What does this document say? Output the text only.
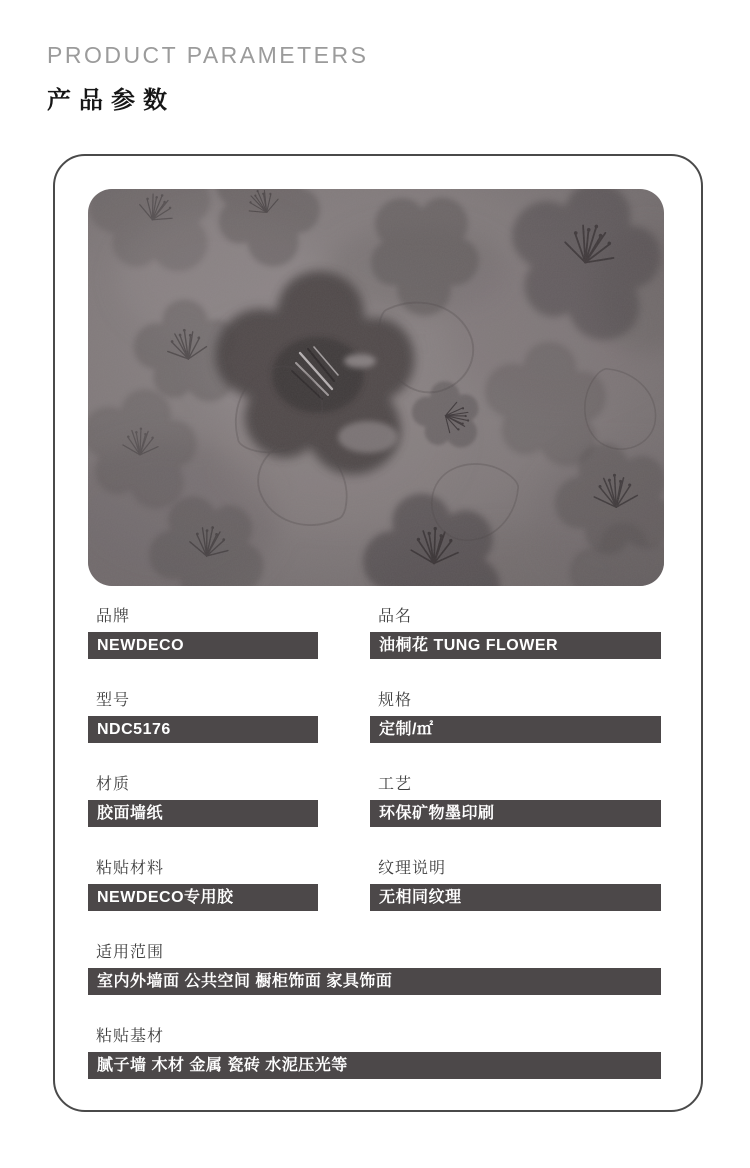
PRODUCT PARAMETERS
产品参数
品牌
NEWDECO
品名
油桐花 TUNG FLOWER
型号
NDC5176
规格
定制/㎡
材质
胶面墙纸
工艺
环保矿物墨印刷
粘贴材料
NEWDECO专用胶
纹理说明
无相同纹理
适用范围
室内外墙面 公共空间 橱柜饰面 家具饰面
粘贴基材
腻子墙 木材 金属 瓷砖 水泥压光等
